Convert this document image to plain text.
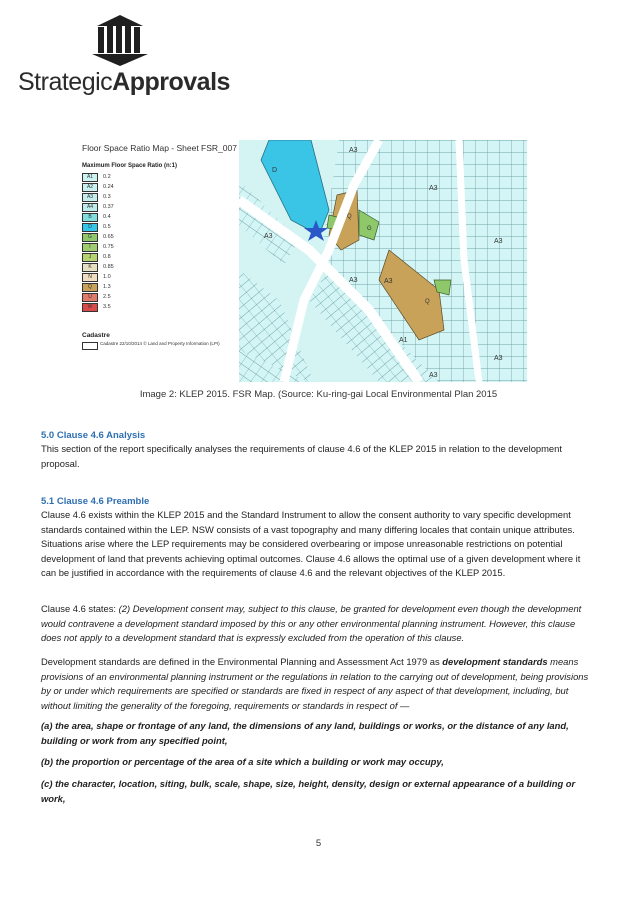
StrategicApprovals
A3
A3
A3
A3
A3
A3
A1
A3
D
Q
Q
G
A3
Floor Space Ratio Map - Sheet FSR_007
Maximum Floor Space Ratio (n:1)
A1	0.2
A2	0.24
A3	0.3
A4	0.37
B	0.4
D	0.5
G	0.65
I	0.75
J	0.8
K	0.85
N	1.0
Q	1.3
U	2.5
W	3.5
Cadastre
Cadastre 22/10/2014 © Land and Property Information (LPI)
Image 2: KLEP 2015. FSR Map. (Source: Ku-ring-gai Local Environmental Plan 2015
5.0 Clause 4.6 Analysis
This section of the report specifically analyses the requirements of clause 4.6 of the KLEP 2015 in relation to the development proposal.
5.1 Clause 4.6 Preamble
Clause 4.6 exists within the KLEP 2015 and the Standard Instrument to allow the consent authority to vary specific development standards contained within the LEP. NSW consists of a vast topography and many differing locales that contain unique attributes. Situations arise where the LEP requirements may be considered overbearing or impose unreasonable restrictions on potential development of land that prevents achieving optimal outcomes. Clause 4.6 allows the optimal use of a given development where it can be justified in accordance with the requirements of clause 4.6 and the relevant objectives of the KLEP 2015.
Clause 4.6 states: (2) Development consent may, subject to this clause, be granted for development even though the development would contravene a development standard imposed by this or any other environmental planning instrument. However, this clause does not apply to a development standard that is expressly excluded from the operation of this clause.
Development standards are defined in the Environmental Planning and Assessment Act 1979 as development standards means provisions of an environmental planning instrument or the regulations in relation to the carrying out of development, being provisions by or under which requirements are specified or standards are fixed in respect of any aspect of that development, including, but without limiting the generality of the foregoing, requirements or standards in respect of —
(a) the area, shape or frontage of any land, the dimensions of any land, buildings or works, or the distance of any land, building or work from any specified point,
(b) the proportion or percentage of the area of a site which a building or work may occupy,
(c) the character, location, siting, bulk, scale, shape, size, height, density, design or external appearance of a building or work,
5
